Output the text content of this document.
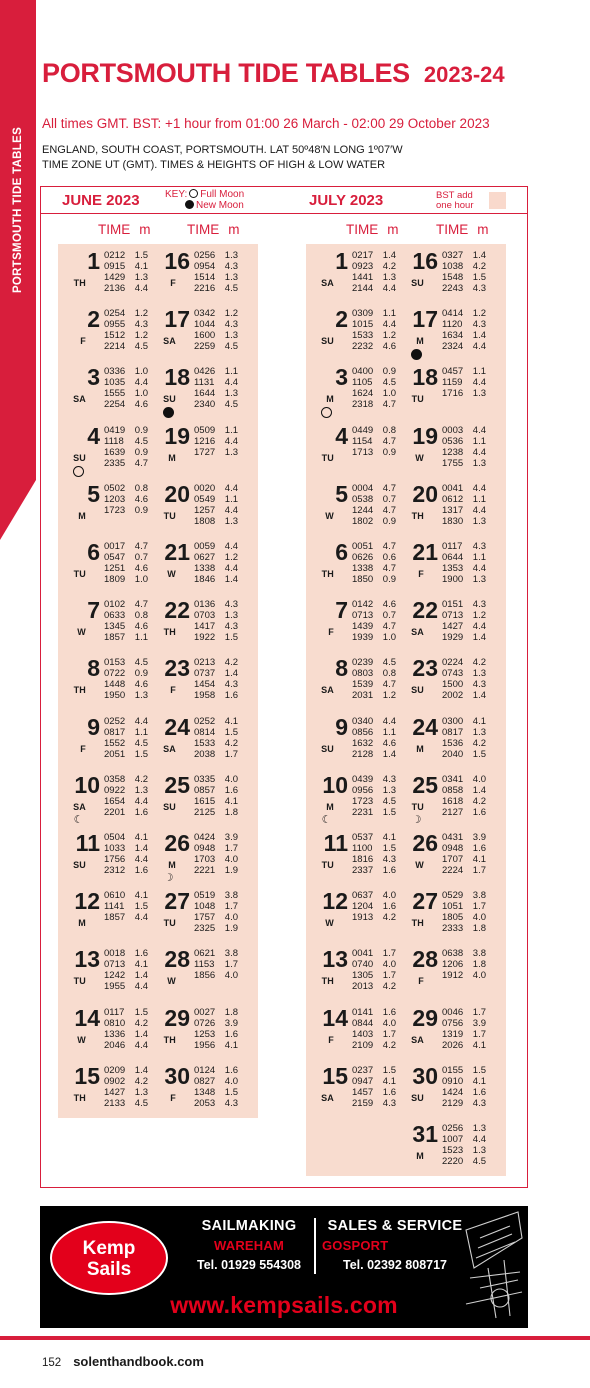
PORTSMOUTH TIDE TABLES
PORTSMOUTH TIDE TABLES 2023-24
All times GMT. BST: +1 hour from 01:00 26 March - 02:00 29 October 2023
ENGLAND, SOUTH COAST, PORTSMOUTH. LAT 50º48′N LONG 1º07′W
TIME ZONE UT (GMT). TIMES & HEIGHTS OF HIGH & LOW WATER
JUNE 2023	KEY: Full Moon
New Moon	JULY 2023	BST add
one hour
TIME m	TIME m	TIME m	TIME m
1
TH
0212 1.5
0915 4.1
1429 1.3
2136 4.4
2
F
0254 1.2
0955 4.3
1512 1.2
2214 4.5
3
SA
0336 1.0
1035 4.4
1555 1.0
2254 4.6
4
SU
0419 0.9
1118 4.5
1639 0.9
2335 4.7
5
M
0502 0.8
1203 4.6
1723 0.9
6
TU
0017 4.7
0547 0.7
1251 4.6
1809 1.0
7
W
0102 4.7
0633 0.8
1345 4.6
1857 1.1
8
TH
0153 4.5
0722 0.9
1448 4.6
1950 1.3
9
F
0252 4.4
0817 1.1
1552 4.5
2051 1.5
10
SA
☾
0358 4.2
0922 1.3
1654 4.4
2201 1.6
11
SU
0504 4.1
1033 1.4
1756 4.4
2312 1.6
12
M
0610 4.1
1141 1.5
1857 4.4
13
TU
0018 1.6
0713 4.1
1242 1.4
1955 4.4
14
W
0117 1.5
0810 4.2
1336 1.4
2046 4.4
15
TH
0209 1.4
0902 4.2
1427 1.3
2133 4.5
16
F
0256 1.3
0954 4.3
1514 1.3
2216 4.5
17
SA
0342 1.2
1044 4.3
1600 1.3
2259 4.5
18
SU
0426 1.1
1131 4.4
1644 1.3
2340 4.5
19
M
0509 1.1
1216 4.4
1727 1.3
20
TU
0020 4.4
0549 1.1
1257 4.4
1808 1.3
21
W
0059 4.4
0627 1.2
1338 4.4
1846 1.4
22
TH
0136 4.3
0703 1.3
1417 4.3
1922 1.5
23
F
0213 4.2
0737 1.4
1454 4.3
1958 1.6
24
SA
0252 4.1
0814 1.5
1533 4.2
2038 1.7
25
SU
0335 4.0
0857 1.6
1615 4.1
2125 1.8
26
M
☽
0424 3.9
0948 1.7
1703 4.0
2221 1.9
27
TU
0519 3.8
1048 1.7
1757 4.0
2325 1.9
28
W
0621 3.8
1153 1.7
1856 4.0
29
TH
0027 1.8
0726 3.9
1253 1.6
1956 4.1
30
F
0124 1.6
0827 4.0
1348 1.5
2053 4.3
1
SA
0217 1.4
0923 4.2
1441 1.3
2144 4.4
2
SU
0309 1.1
1015 4.4
1533 1.2
2232 4.6
3
M
0400 0.9
1105 4.5
1624 1.0
2318 4.7
4
TU
0449 0.8
1154 4.7
1713 0.9
5
W
0004 4.7
0538 0.7
1244 4.7
1802 0.9
6
TH
0051 4.7
0626 0.6
1338 4.7
1850 0.9
7
F
0142 4.6
0713 0.7
1439 4.7
1939 1.0
8
SA
0239 4.5
0803 0.8
1539 4.7
2031 1.2
9
SU
0340 4.4
0856 1.1
1632 4.6
2128 1.4
10
M
☾
0439 4.3
0956 1.3
1723 4.5
2231 1.5
11
TU
0537 4.1
1100 1.5
1816 4.3
2337 1.6
12
W
0637 4.0
1204 1.6
1913 4.2
13
TH
0041 1.7
0740 4.0
1305 1.7
2013 4.2
14
F
0141 1.6
0844 4.0
1403 1.7
2109 4.2
15
SA
0237 1.5
0947 4.1
1457 1.6
2159 4.3
16
SU
0327 1.4
1038 4.2
1548 1.5
2243 4.3
17
M
0414 1.2
1120 4.3
1634 1.4
2324 4.4
18
TU
0457 1.1
1159 4.4
1716 1.3
19
W
0003 4.4
0536 1.1
1238 4.4
1755 1.3
20
TH
0041 4.4
0612 1.1
1317 4.4
1830 1.3
21
F
0117 4.3
0644 1.1
1353 4.4
1900 1.3
22
SA
0151 4.3
0713 1.2
1427 4.4
1929 1.4
23
SU
0224 4.2
0743 1.3
1500 4.3
2002 1.4
24
M
0300 4.1
0817 1.3
1536 4.2
2040 1.5
25
TU
☽
0341 4.0
0858 1.4
1618 4.2
2127 1.6
26
W
0431 3.9
0948 1.6
1707 4.1
2224 1.7
27
TH
0529 3.8
1051 1.7
1805 4.0
2333 1.8
28
F
0638 3.8
1206 1.8
1912 4.0
29
SA
0046 1.7
0756 3.9
1319 1.7
2026 4.1
30
SU
0155 1.5
0910 4.1
1424 1.6
2129 4.3
31
M
0256 1.3
1007 4.4
1523 1.3
2220 4.5
Kemp
Sails
SAILMAKING
WAREHAM
Tel. 01929 554308
SALES & SERVICE
GOSPORT
Tel. 02392 808717
www.kempsails.com
152 solenthandbook.com
